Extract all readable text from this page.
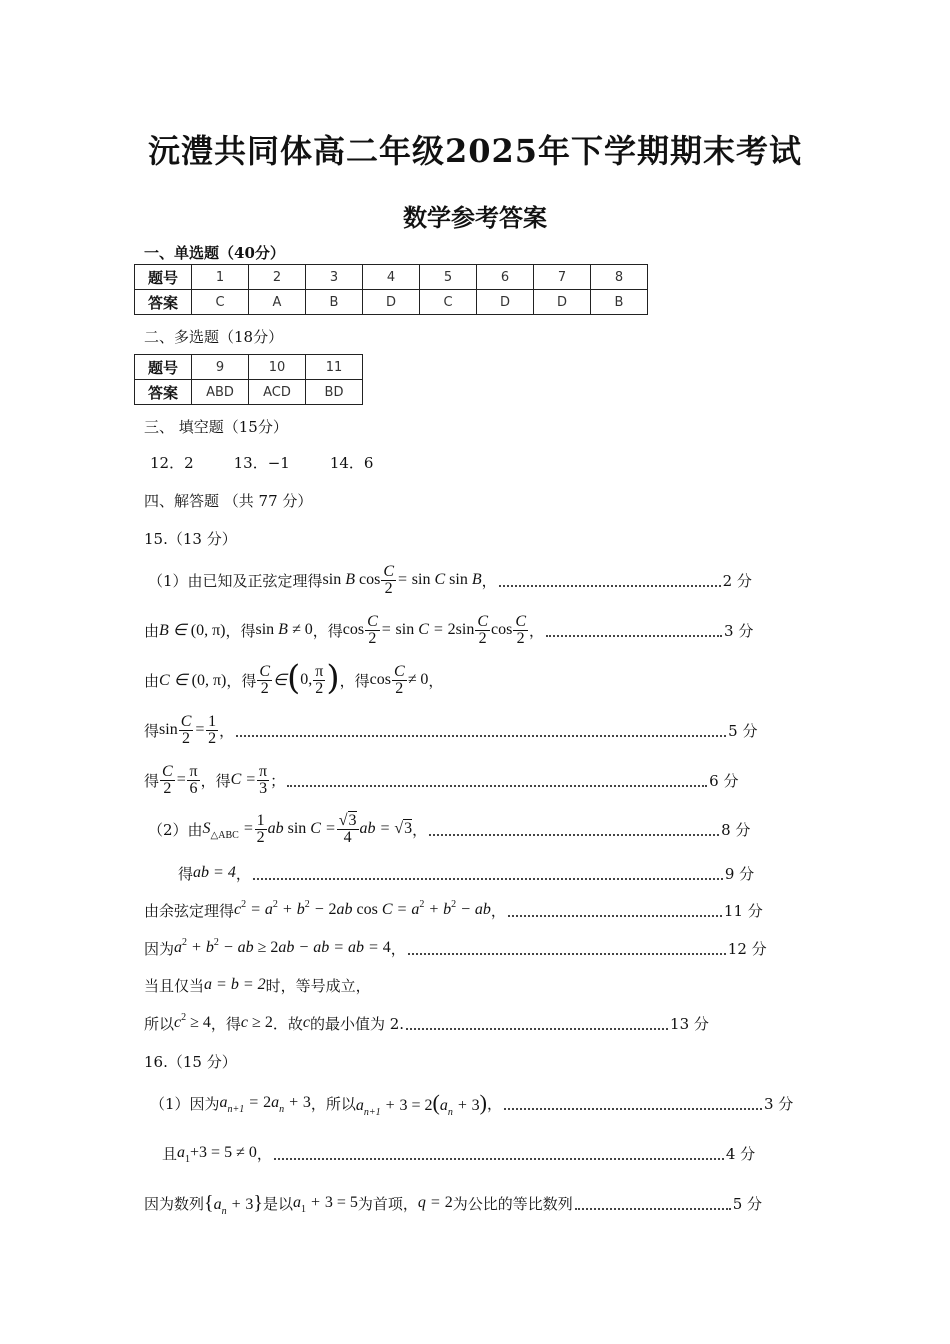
沅澧共同体高二年级2025年下学期期末考试
数学参考答案
一、单选题（40分）
题号	1	2	3	4	5	6	7	8
答案	C	A	B	D	C	D	D	B
二、多选题（18分）
题号	9	10	11
答案	ABD	ACD	BD
三、 填空题（15分）
12．2	13．−1	14．6
四、解答题 （共 77 分）
15.（13 分）
（1）由已知及正弦定理得 sin B $\cos \frac{C}{2} = \sin C$ sin B ，	2 分
由 B ∈ (0, π) ，得 sin B ≠ 0 ，得 $\cos \frac{C}{2} = \sin C = 2\sin \frac{C}{2}$ $\cos \frac{C}{2}$ ，	3 分
由 C ∈ (0, π) ，得 $\frac{C}{2}$ ∈ ( 0, $\frac{\pi}{2}$ ) ，得 $\cos \frac{C}{2} \ne 0$ ，
得 $\sin \frac{C}{2} = \frac{1}{2}$ ，	5 分
得 $\frac{C}{2} = \frac{\pi}{6}$ ，得 $C = \frac{\pi}{3}$ ；	6 分
（2）由 $S_{\triangle ABC} = \frac{1}{2}$ ab $\sin C = \frac{√3}{4}$ ab = √3 ，	8 分
得 ab = 4 ，	9 分
由余弦定理得 $c^2 = a^2 + b^2 - 2ab$ $\cos C = a^2 + b^2$ − ab ，	11 分
因为 $a^2 + b^2$ − ab ≥ 2ab − ab = ab = 4 ，	12 分
当且仅当 a = b = 2 时，等号成立，
所以 $c^2 \ge 4$ ，得 c ≥ 2 ．故 c 的最小值为 2.	13 分
16.（15 分）
（1）因为 $a_{n+1} = 2a_n + 3$ ，所以 $a_{n+1} + 3 = 2(a_n + 3)$ ，	3 分
且 $a_1+3 = 5 \ne 0$ ，	4 分
因为数列 $\{a_n + 3\}$ 是以 $a_1 + 3 = 5$ 为首项， q = 2 为公比的等比数列	5 分
